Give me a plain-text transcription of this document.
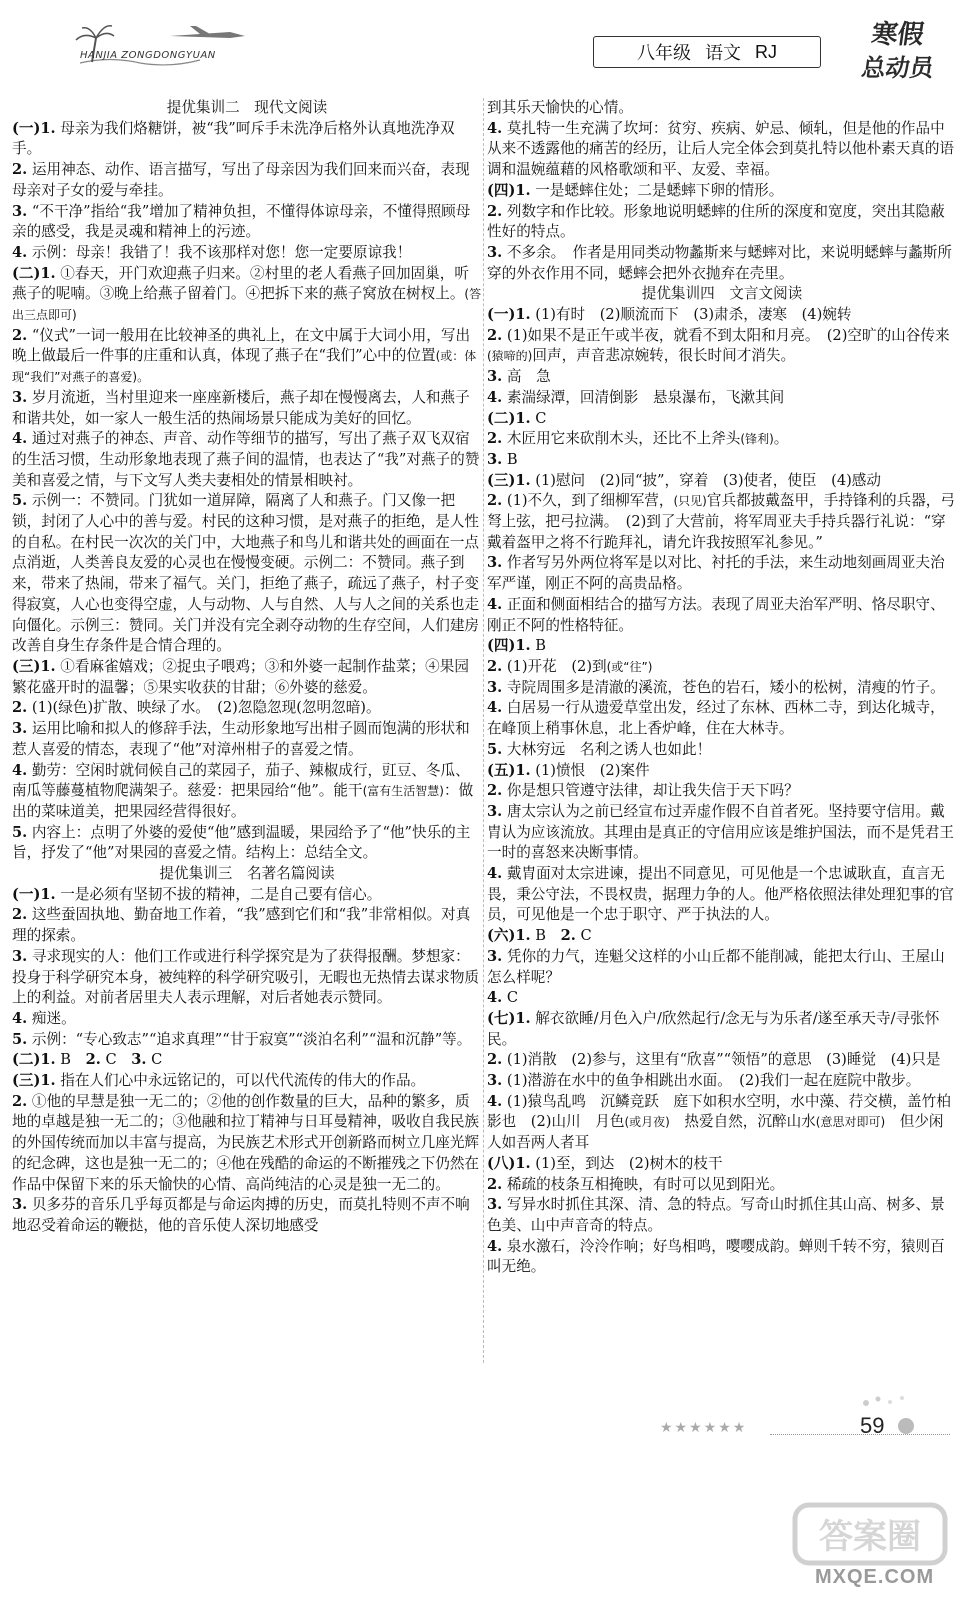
HANJIA ZONGDONGYUAN	八年级 语文 RJ
寒假
总动员
提优集训二　现代文阅读
(一)1. 母亲为我们烙糖饼，被“我”呵斥手未洗净后格外认真地洗净双手。
2. 运用神态、动作、语言描写，写出了母亲因为我们回来而兴奋，表现母亲对子女的爱与牵挂。
3. “不干净”指给“我”增加了精神负担，不懂得体谅母亲，不懂得照顾母亲的感受，我是灵魂和精神上的污迹。
4. 示例：母亲！我错了！我不该那样对您！您一定要原谅我！
(二)1. ①春天，开门欢迎燕子归来。②村里的老人看燕子回加固巢，听燕子的呢喃。③晚上给燕子留着门。④把拆下来的燕子窝放在树杈上。(答出三点即可)
2. “仪式”一词一般用在比较神圣的典礼上，在文中属于大词小用，写出晚上做最后一件事的庄重和认真，体现了燕子在“我们”心中的位置(或：体现“我们”对燕子的喜爱)。
3. 岁月流逝，当村里迎来一座座新楼后，燕子却在慢慢离去，人和燕子和谐共处，如一家人一般生活的热闹场景只能成为美好的回忆。
4. 通过对燕子的神态、声音、动作等细节的描写，写出了燕子双飞双宿的生活习惯，生动形象地表现了燕子间的温情，也表达了“我”对燕子的赞美和喜爱之情，与下文写人类夫妻相处的情景相映衬。
5. 示例一：不赞同。门犹如一道屏障，隔离了人和燕子。门又像一把锁，封闭了人心中的善与爱。村民的这种习惯，是对燕子的拒绝，是人性的自私。在村民一次次的关门中，大地燕子和鸟儿和谐共处的画面在一点点消逝，人类善良友爱的心灵也在慢慢变硬。示例二：不赞同。燕子到来，带来了热闹，带来了福气。关门，拒绝了燕子，疏远了燕子，村子变得寂寞，人心也变得空虚，人与动物、人与自然、人与人之间的关系也走向僵化。示例三：赞同。关门并没有完全剥夺动物的生存空间，人们建房改善自身生存条件是合情合理的。
(三)1. ①看麻雀嬉戏；②捉虫子喂鸡；③和外婆一起制作盐菜；④果园繁花盛开时的温馨；⑤果实收获的甘甜；⑥外婆的慈爱。
2. (1)(绿色)扩散、映绿了水。　(2)忽隐忽现(忽明忽暗)。
3. 运用比喻和拟人的修辞手法，生动形象地写出柑子圆而饱满的形状和惹人喜爱的情态，表现了“他”对漳州柑子的喜爱之情。
4. 勤劳：空闲时就伺候自己的菜园子，茄子、辣椒成行，豇豆、冬瓜、南瓜等藤蔓植物爬满架子。慈爱：把果园给“他”。能干(富有生活智慧)：做出的菜味道美，把果园经营得很好。
5. 内容上：点明了外婆的爱使“他”感到温暖，果园给予了“他”快乐的主旨，抒发了“他”对果园的喜爱之情。结构上：总结全文。
提优集训三　名著名篇阅读
(一)1. 一是必须有坚韧不拔的精神，二是自己要有信心。
2. 这些蚕固执地、勤奋地工作着，“我”感到它们和“我”非常相似。对真理的探索。
3. 寻求现实的人：他们工作或进行科学探究是为了获得报酬。梦想家：投身于科学研究本身，被纯粹的科学研究吸引，无暇也无热情去谋求物质上的利益。对前者居里夫人表示理解，对后者她表示赞同。
4. 痴迷。
5. 示例：“专心致志”“追求真理”“甘于寂寞”“淡泊名利”“温和沉静”等。
(二)1. B　2. C　3. C
(三)1. 指在人们心中永远铭记的，可以代代流传的伟大的作品。
2. ①他的早慧是独一无二的；②他的创作数量的巨大，品种的繁多，质地的卓越是独一无二的；③他融和拉丁精神与日耳曼精神，吸收自我民族的外国传统而加以丰富与提高，为民族艺术形式开创新路而树立几座光辉的纪念碑，这也是独一无二的；④他在残酷的命运的不断摧残之下仍然在作品中保留下来的乐天愉快的心情、高尚纯洁的心灵是独一无二的。
3. 贝多芬的音乐几乎每页都是与命运肉搏的历史，而莫扎特则不声不响地忍受着命运的鞭挞，他的音乐使人深切地感受
到其乐天愉快的心情。
4. 莫扎特一生充满了坎坷：贫穷、疾病、妒忌、倾轧，但是他的作品中从来不透露他的痛苦的经历，让后人完全体会到莫扎特以他朴素天真的语调和温婉蕴藉的风格歌颂和平、友爱、幸福。
(四)1. 一是蟋蟀住处；二是蟋蟀下卵的情形。
2. 列数字和作比较。形象地说明蟋蟀的住所的深度和宽度，突出其隐蔽性好的特点。
3. 不多余。　作者是用同类动物蠡斯来与蟋蟀对比，来说明蟋蟀与蠡斯所穿的外衣作用不同，蟋蟀会把外衣抛弃在壳里。
提优集训四　文言文阅读
(一)1. (1)有时　(2)顺流而下　(3)肃杀，凄寒　(4)婉转
2. (1)如果不是正午或半夜，就看不到太阳和月亮。　(2)空旷的山谷传来(猿啼的)回声，声音悲凉婉转，很长时间才消失。
3. 高　急
4. 素湍绿潭，回清倒影　悬泉瀑布，飞漱其间
(二)1. C
2. 木匠用它来砍削木头，还比不上斧头(锋利)。
3. B
(三)1. (1)慰问　(2)同“披”，穿着　(3)使者，使臣　(4)感动
2. (1)不久，到了细柳军营，(只见)官兵都披戴盔甲，手持锋利的兵器，弓弩上弦，把弓拉满。　(2)到了大营前，将军周亚夫手持兵器行礼说：“穿戴着盔甲之将不行跪拜礼，请允许我按照军礼参见。”
3. 作者写另外两位将军是以对比、衬托的手法，来生动地刻画周亚夫治军严谨，刚正不阿的高贵品格。
4. 正面和侧面相结合的描写方法。表现了周亚夫治军严明、恪尽职守、刚正不阿的性格特征。
(四)1. B
2. (1)开花　(2)到(或“往”)
3. 寺院周围多是清澈的溪流，苍色的岩石，矮小的松树，清瘦的竹子。
4. 白居易一行从遗爱草堂出发，经过了东林、西林二寺，到达化城寺，在峰顶上稍事休息，北上香炉峰，住在大林寺。
5. 大林穷远　名利之诱人也如此！
(五)1. (1)愤恨　(2)案件
2. 你是想只管遵守法律，却让我失信于天下吗？
3. 唐太宗认为之前已经宣布过弄虚作假不自首者死。坚持要守信用。戴胄认为应该流放。其理由是真正的守信用应该是维护国法，而不是凭君王一时的喜怒来决断事情。
4. 戴胄面对太宗进谏，提出不同意见，可见他是一个忠诚耿直，直言无畏，秉公守法，不畏权贵，据理力争的人。他严格依照法律处理犯事的官员，可见他是一个忠于职守、严于执法的人。
(六)1. B　2. C
3. 凭你的力气，连魁父这样的小山丘都不能削减，能把太行山、王屋山怎么样呢？
4. C
(七)1. 解衣欲睡/月色入户/欣然起行/念无与为乐者/遂至承天寺/寻张怀民。
2. (1)消散　(2)参与，这里有“欣喜”“领悟”的意思　(3)睡觉　(4)只是
3. (1)潜游在水中的鱼争相跳出水面。　(2)我们一起在庭院中散步。
4. (1)猿鸟乱鸣　沉鳞竞跃　庭下如积水空明，水中藻、荇交横，盖竹柏影也　(2)山川　月色(或月夜)　热爱自然，沉醉山水(意思对即可)　但少闲人如吾两人者耳
(八)1. (1)至，到达　(2)树木的枝干
2. 稀疏的枝条互相掩映，有时可以见到阳光。
3. 写异水时抓住其深、清、急的特点。写奇山时抓住其山高、树多、景色美、山中声音奇的特点。
4. 泉水激石，泠泠作响；好鸟相鸣，嘤嘤成韵。蝉则千转不穷，猿则百叫无绝。
★★★★★★	59
答案圈
MXQE.COM
